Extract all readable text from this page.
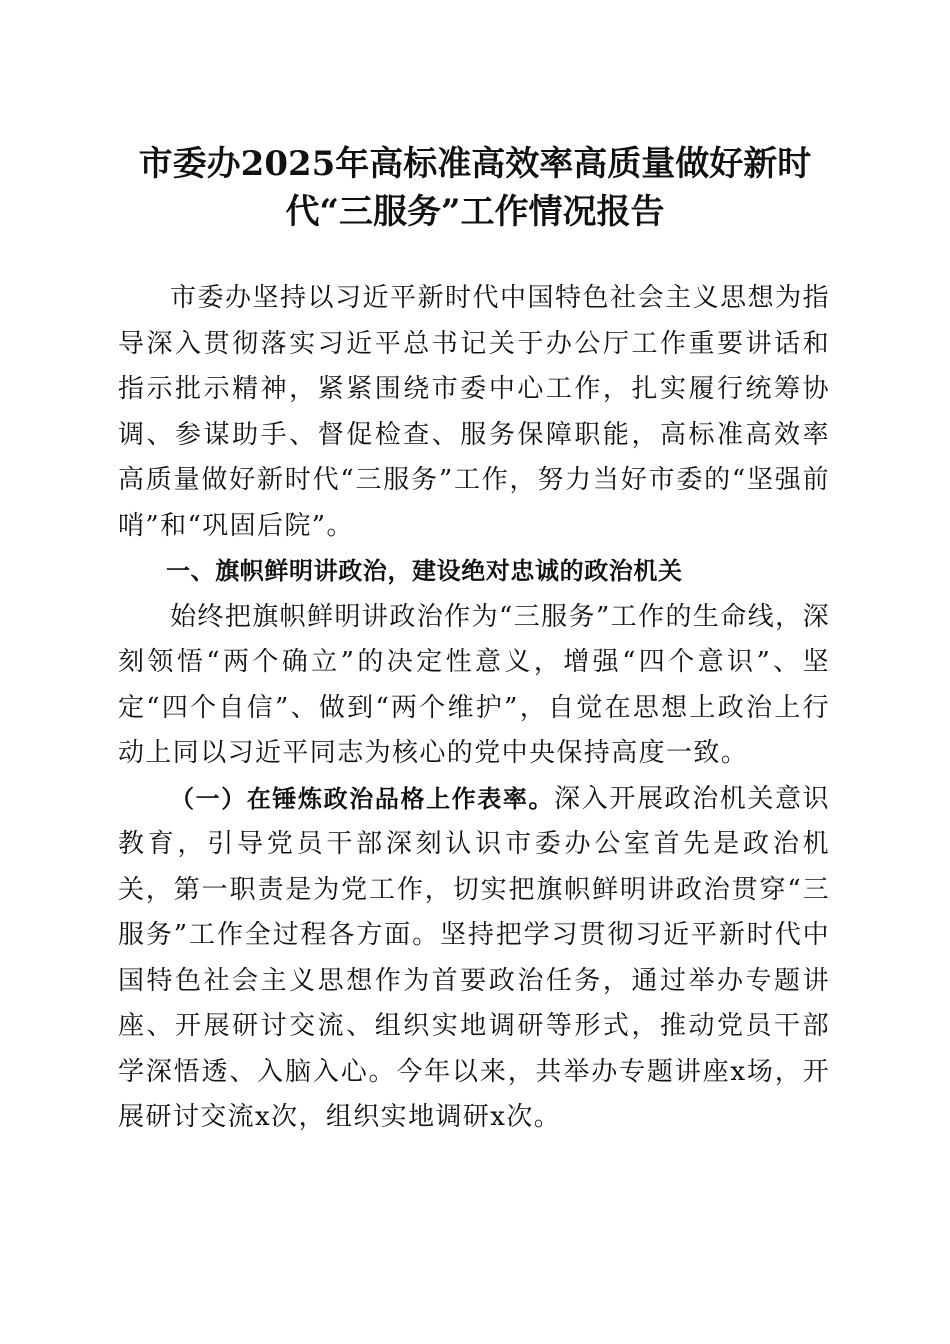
市委办2025年高标准高效率高质量做好新时
代“三服务”工作情况报告

市委办坚持以习近平新时代中国特色社会主义思想为指导深入贯彻落实习近平总书记关于办公厅工作重要讲话和指示批示精神，紧紧围绕市委中心工作，扎实履行统筹协调、参谋助手、督促检查、服务保障职能，高标准高效率高质量做好新时代“三服务”工作，努力当好市委的“坚强前哨”和“巩固后院”。

一、旗帜鲜明讲政治，建设绝对忠诚的政治机关

始终把旗帜鲜明讲政治作为“三服务”工作的生命线，深刻领悟“两个确立”的决定性意义，增强“四个意识”、坚定“四个自信”、做到“两个维护”，自觉在思想上政治上行动上同以习近平同志为核心的党中央保持高度一致。

（一）在锤炼政治品格上作表率。深入开展政治机关意识教育，引导党员干部深刻认识市委办公室首先是政治机关，第一职责是为党工作，切实把旗帜鲜明讲政治贯穿“三服务”工作全过程各方面。坚持把学习贯彻习近平新时代中国特色社会主义思想作为首要政治任务，通过举办专题讲座、开展研讨交流、组织实地调研等形式，推动党员干部学深悟透、入脑入心。今年以来，共举办专题讲座x场，开展研讨交流x次，组织实地调研x次。
